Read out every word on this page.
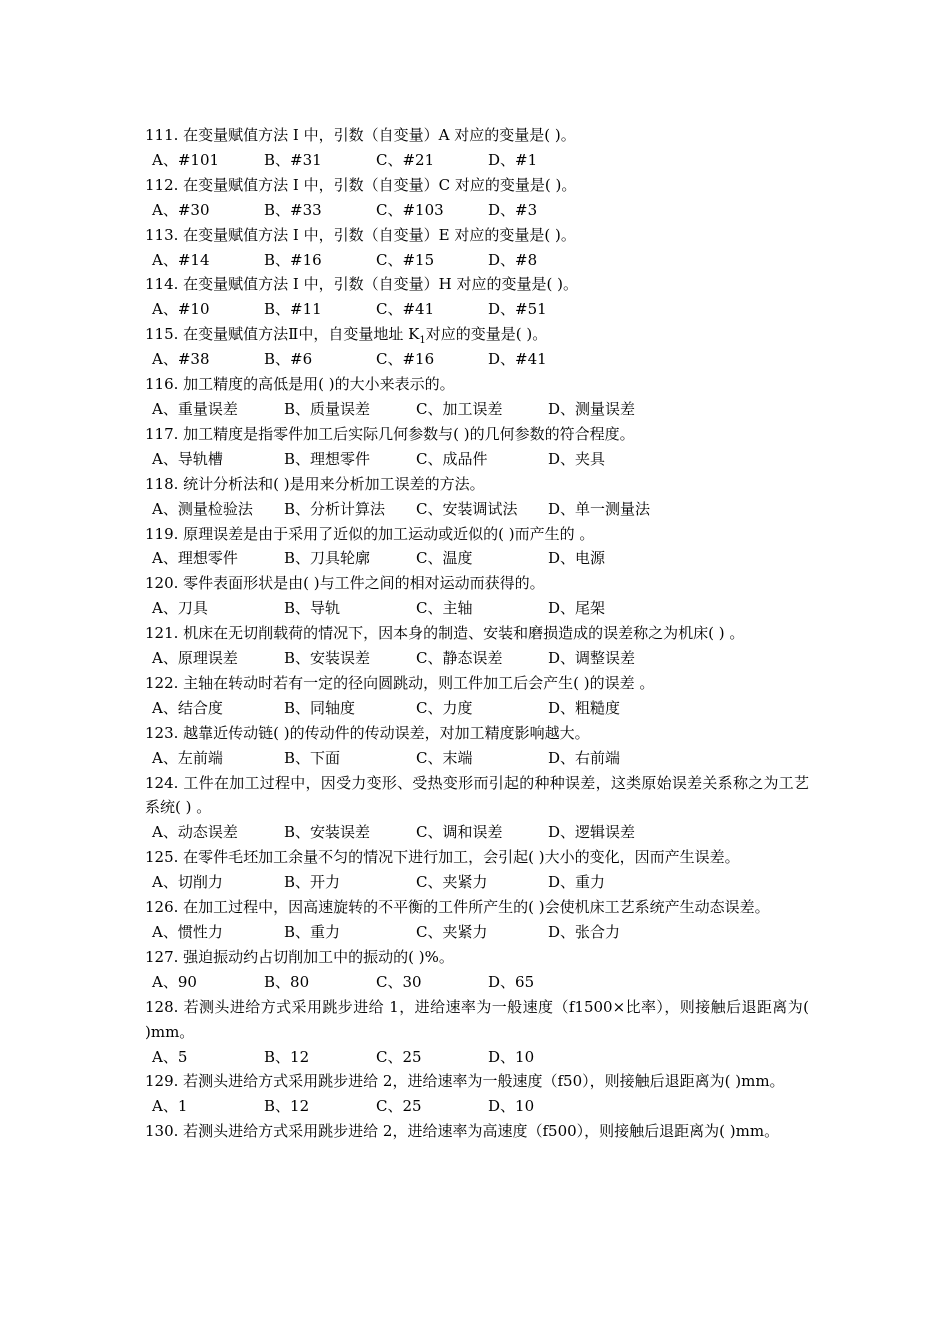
111. 在变量赋值方法 I 中，引数（自变量）A 对应的变量是( )。

A、#101	B、#31	C、#21	D、#1

112. 在变量赋值方法 I 中，引数（自变量）C 对应的变量是( )。

A、#30	B、#33	C、#103	D、#3

113. 在变量赋值方法 I 中，引数（自变量）E 对应的变量是( )。

A、#14	B、#16	C、#15	D、#8

114. 在变量赋值方法 I 中，引数（自变量）H 对应的变量是( )。

A、#10	B、#11	C、#41	D、#51

115. 在变量赋值方法Ⅱ中，自变量地址 $K_1$对应的变量是( )。

A、#38	B、#6	C、#16	D、#41

116. 加工精度的高低是用( )的大小来表示的。

A、重量误差	B、质量误差	C、加工误差	D、测量误差

117. 加工精度是指零件加工后实际几何参数与( )的几何参数的符合程度。

A、导轨槽	B、理想零件	C、成品件	D、夹具

118. 统计分析法和( )是用来分析加工误差的方法。

A、测量检验法 B、分析计算法 C、安装调试法 D、单一测量法

119. 原理误差是由于采用了近似的加工运动或近似的( )而产生的 。

A、理想零件	B、刀具轮廓	C、温度	D、电源

120. 零件表面形状是由( )与工件之间的相对运动而获得的。

A、刀具	B、导轨	C、主轴	D、尾架

121. 机床在无切削载荷的情况下，因本身的制造、安装和磨损造成的误差称之为机床( ) 。

A、原理误差	B、安装误差	C、静态误差	D、调整误差

122. 主轴在转动时若有一定的径向圆跳动，则工件加工后会产生( )的误差 。

A、结合度	B、同轴度	C、力度	D、粗糙度

123. 越靠近传动链( )的传动件的传动误差，对加工精度影响越大。

A、左前端	B、下面	C、末端	D、右前端

124. 工件在加工过程中，因受力变形、受热变形而引起的种种误差，这类原始误差关系称之为工艺系统( ) 。

A、动态误差	B、安装误差	C、调和误差	D、逻辑误差

125. 在零件毛坯加工余量不匀的情况下进行加工，会引起( )大小的变化，因而产生误差。

A、切削力	B、开力	C、夹紧力	D、重力

126. 在加工过程中，因高速旋转的不平衡的工件所产生的( )会使机床工艺系统产生动态误差。

A、惯性力	B、重力	C、夹紧力	D、张合力

127. 强迫振动约占切削加工中的振动的( )%。

A、90	B、80	C、30	D、65

128. 若测头进给方式采用跳步进给 1，进给速率为一般速度（f1500×比率），则接触后退距离为( )mm。

A、5	B、12	C、25	D、10

129. 若测头进给方式采用跳步进给 2，进给速率为一般速度（f50），则接触后退距离为( )mm。

A、1	B、12	C、25	D、10

130. 若测头进给方式采用跳步进给 2，进给速率为高速度（f500），则接触后退距离为( )mm。
